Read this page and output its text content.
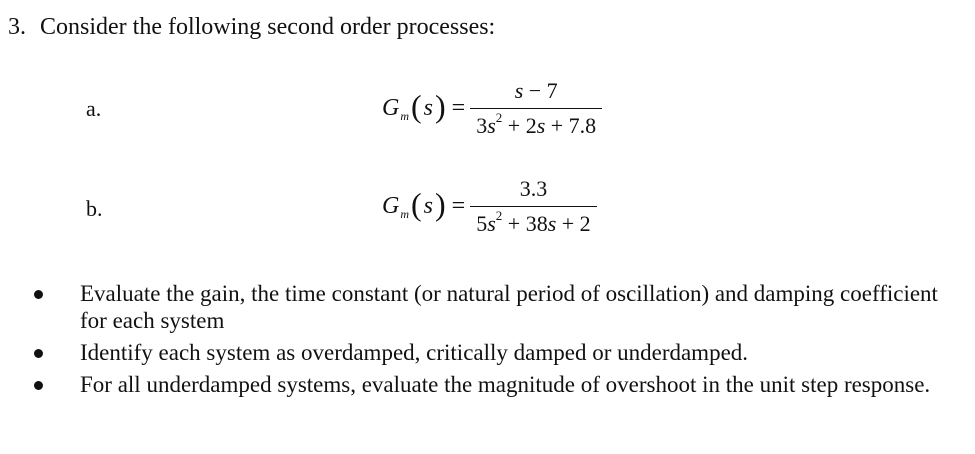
3. Consider the following second order processes:
a.	G m ( s ) = $\frac{s - 7}{3s^2 + 2s + 7.8}$
b.	G m ( s ) = $\frac{3.3}{5s^2 + 38s + 2}$
Evaluate the gain, the time constant (or natural period of oscillation) and damping coefficient for each system
Identify each system as overdamped, critically damped or underdamped.
For all underdamped systems, evaluate the magnitude of overshoot in the unit step response.
